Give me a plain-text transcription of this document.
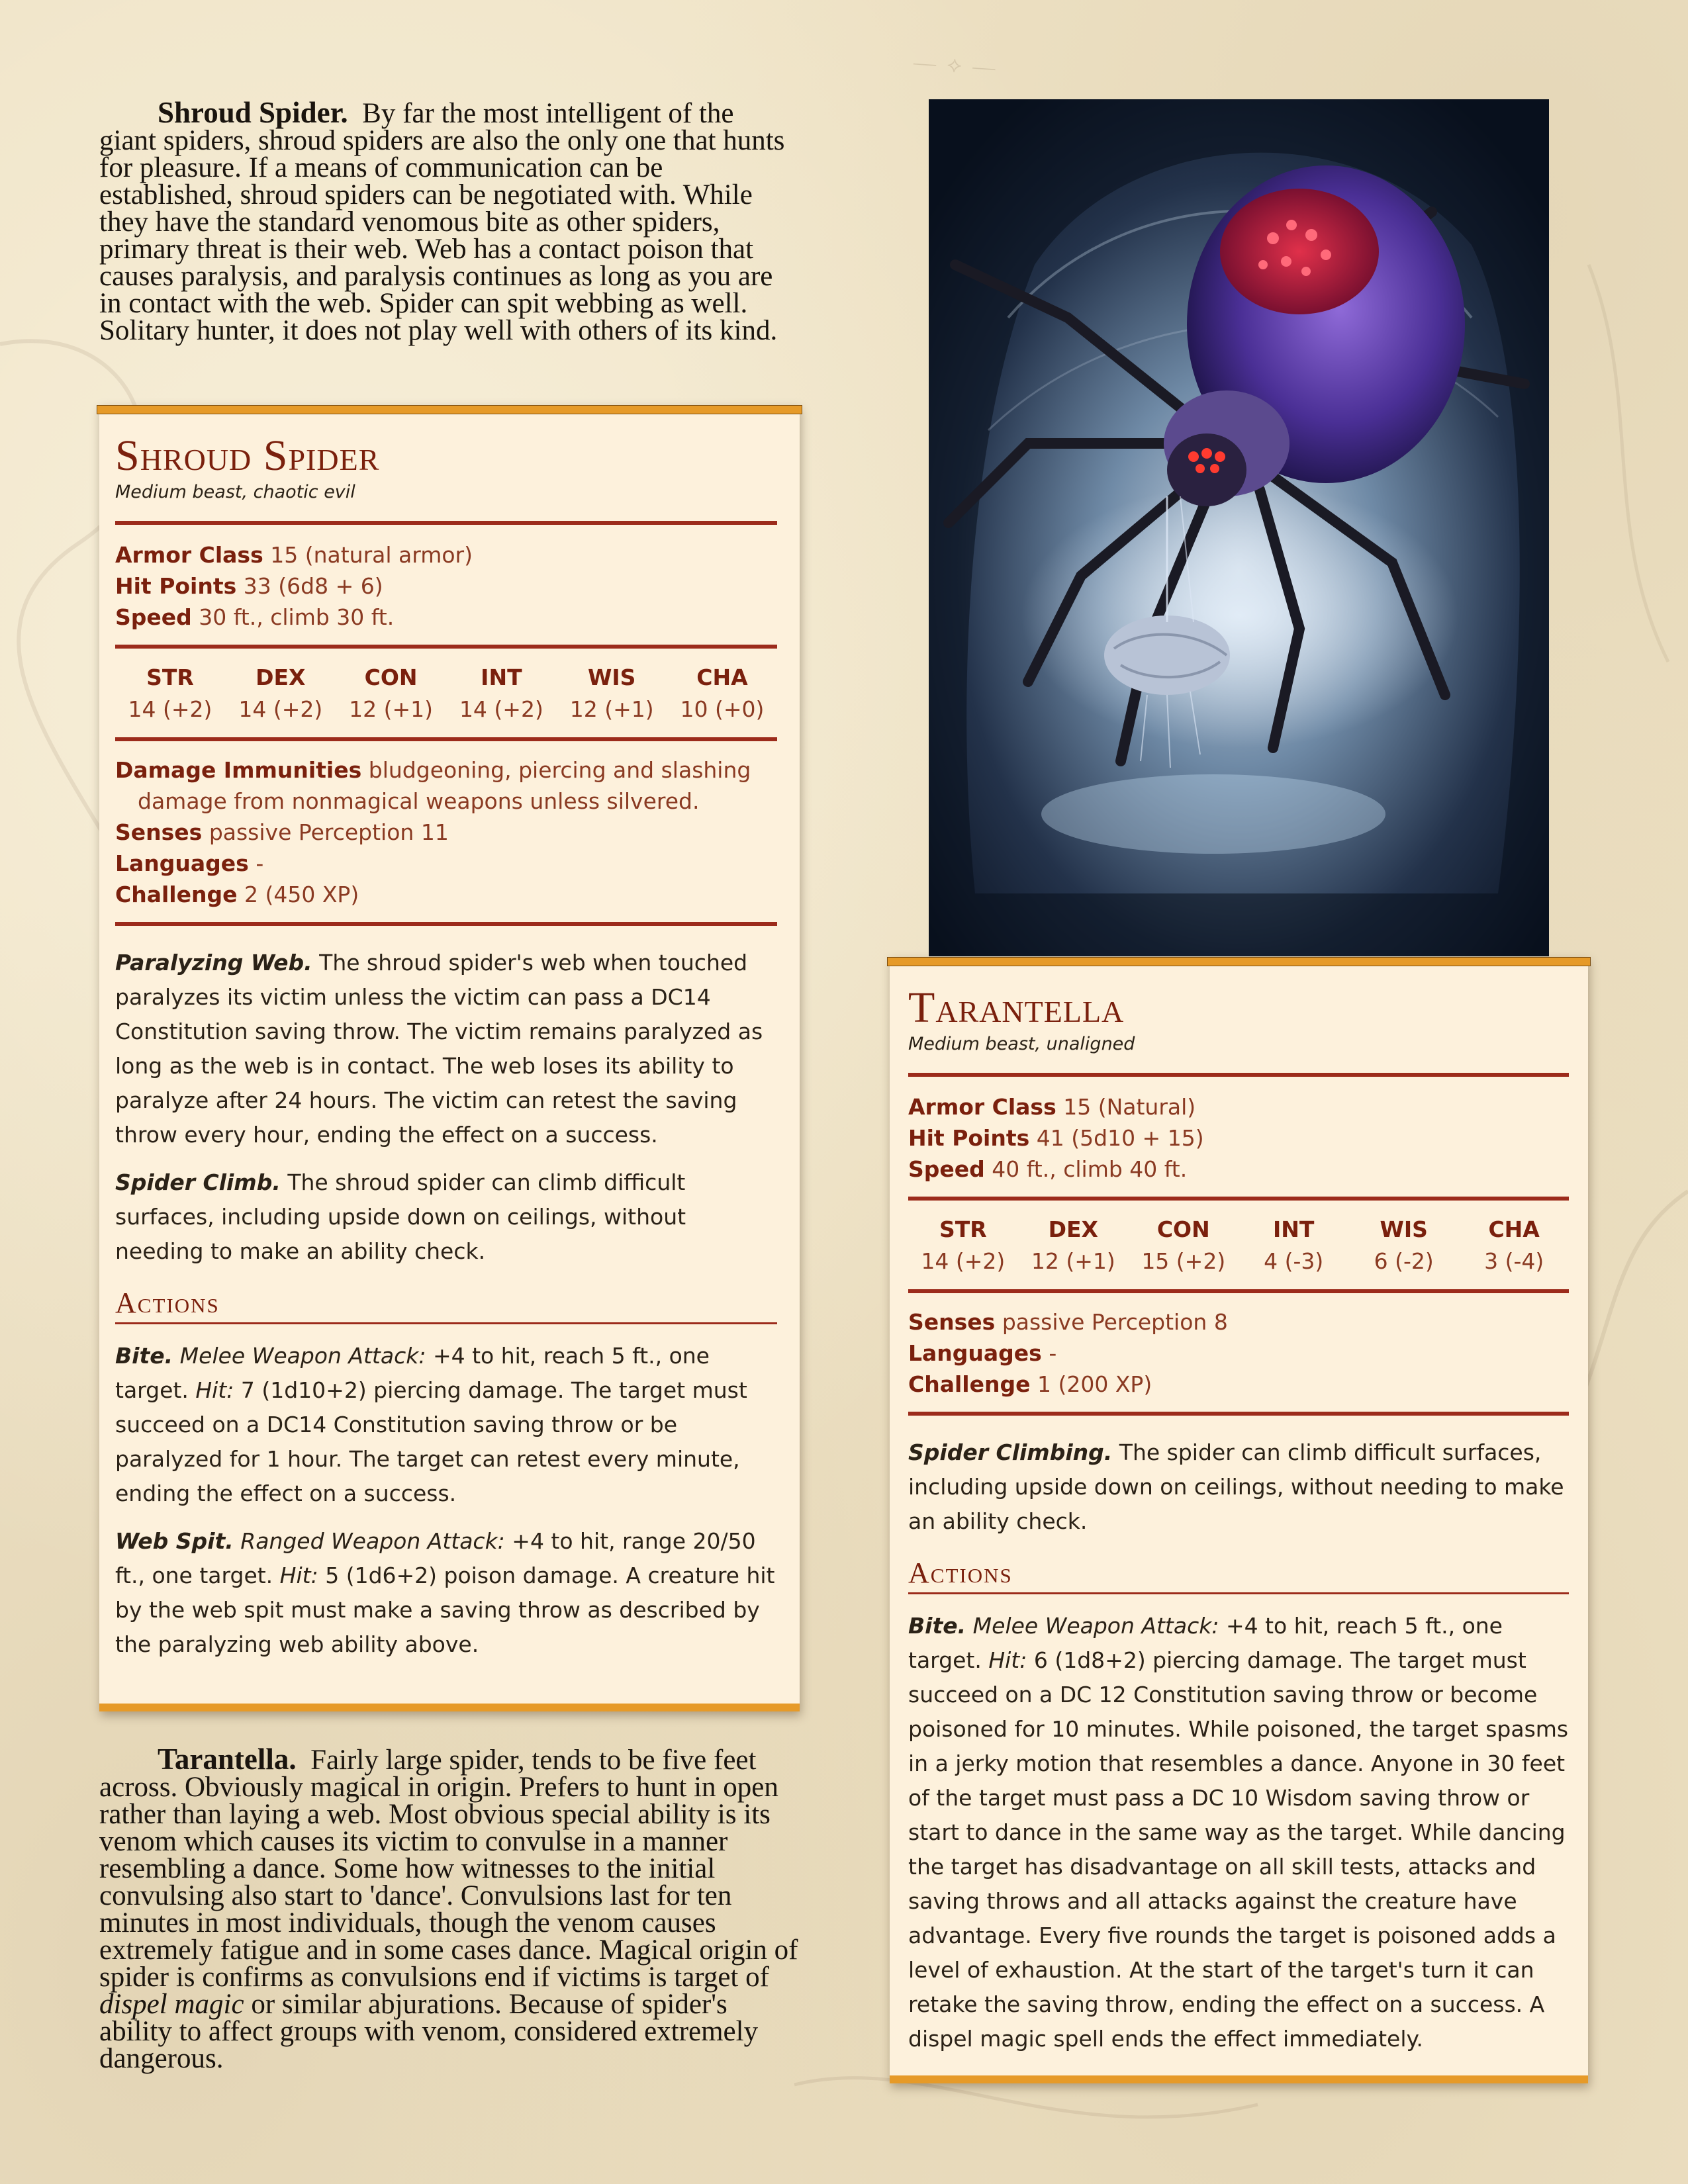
— ⟡ —

Shroud Spider. By far the most intelligent of the giant spiders, shroud spiders are also the only one that hunts for pleasure. If a means of communication can be established, shroud spiders can be negotiated with. While they have the standard venomous bite as other spiders, primary threat is their web. Web has a contact poison that causes paralysis, and paralysis continues as long as you are in contact with the web. Spider can spit webbing as well. Solitary hunter, it does not play well with others of its kind.

Shroud Spider
Medium beast, chaotic evil
Armor Class 15 (natural armor)
Hit Points 33 (6d8 + 6)
Speed 30 ft., climb 30 ft.
STR
14 (+2)
DEX
14 (+2)
CON
12 (+1)
INT
14 (+2)
WIS
12 (+1)
CHA
10 (+0)
Damage Immunities bludgeoning, piercing and slashing damage from nonmagical weapons unless silvered.
Senses passive Perception 11
Languages -
Challenge 2 (450 XP)

Paralyzing Web. The shroud spider's web when touched paralyzes its victim unless the victim can pass a DC14 Constitution saving throw. The victim remains paralyzed as long as the web is in contact. The web loses its ability to paralyze after 24 hours. The victim can retest the saving throw every hour, ending the effect on a success.

Spider Climb. The shroud spider can climb difficult surfaces, including upside down on ceilings, without needing to make an ability check.

Actions

Bite. Melee Weapon Attack: +4 to hit, reach 5 ft., one target. Hit: 7 (1d10+2) piercing damage. The target must succeed on a DC14 Constitution saving throw or be paralyzed for 1 hour. The target can retest every minute, ending the effect on a success.

Web Spit. Ranged Weapon Attack: +4 to hit, range 20/50 ft., one target. Hit: 5 (1d6+2) poison damage. A creature hit by the web spit must make a saving throw as described by the paralyzing web ability above.

Tarantella. Fairly large spider, tends to be five feet across. Obviously magical in origin. Prefers to hunt in open rather than laying a web. Most obvious special ability is its venom which causes its victim to convulse in a manner resembling a dance. Some how witnesses to the initial convulsing also start to 'dance'. Convulsions last for ten minutes in most individuals, though the venom causes extremely fatigue and in some cases dance. Magical origin of spider is confirms as convulsions end if victims is target of dispel magic or similar abjurations. Because of spider's ability to affect groups with venom, considered extremely dangerous.

Tarantella
Medium beast, unaligned
Armor Class 15 (Natural)
Hit Points 41 (5d10 + 15)
Speed 40 ft., climb 40 ft.
STR
14 (+2)
DEX
12 (+1)
CON
15 (+2)
INT
4 (-3)
WIS
6 (-2)
CHA
3 (-4)
Senses passive Perception 8
Languages -
Challenge 1 (200 XP)

Spider Climbing. The spider can climb difficult surfaces, including upside down on ceilings, without needing to make an ability check.

Actions

Bite. Melee Weapon Attack: +4 to hit, reach 5 ft., one target. Hit: 6 (1d8+2) piercing damage. The target must succeed on a DC 12 Constitution saving throw or become poisoned for 10 minutes. While poisoned, the target spasms in a jerky motion that resembles a dance. Anyone in 30 feet of the target must pass a DC 10 Wisdom saving throw or start to dance in the same way as the target. While dancing the target has disadvantage on all skill tests, attacks and saving throws and all attacks against the creature have advantage. Every five rounds the target is poisoned adds a level of exhaustion. At the start of the target's turn it can retake the saving throw, ending the effect on a success. A dispel magic spell ends the effect immediately.
